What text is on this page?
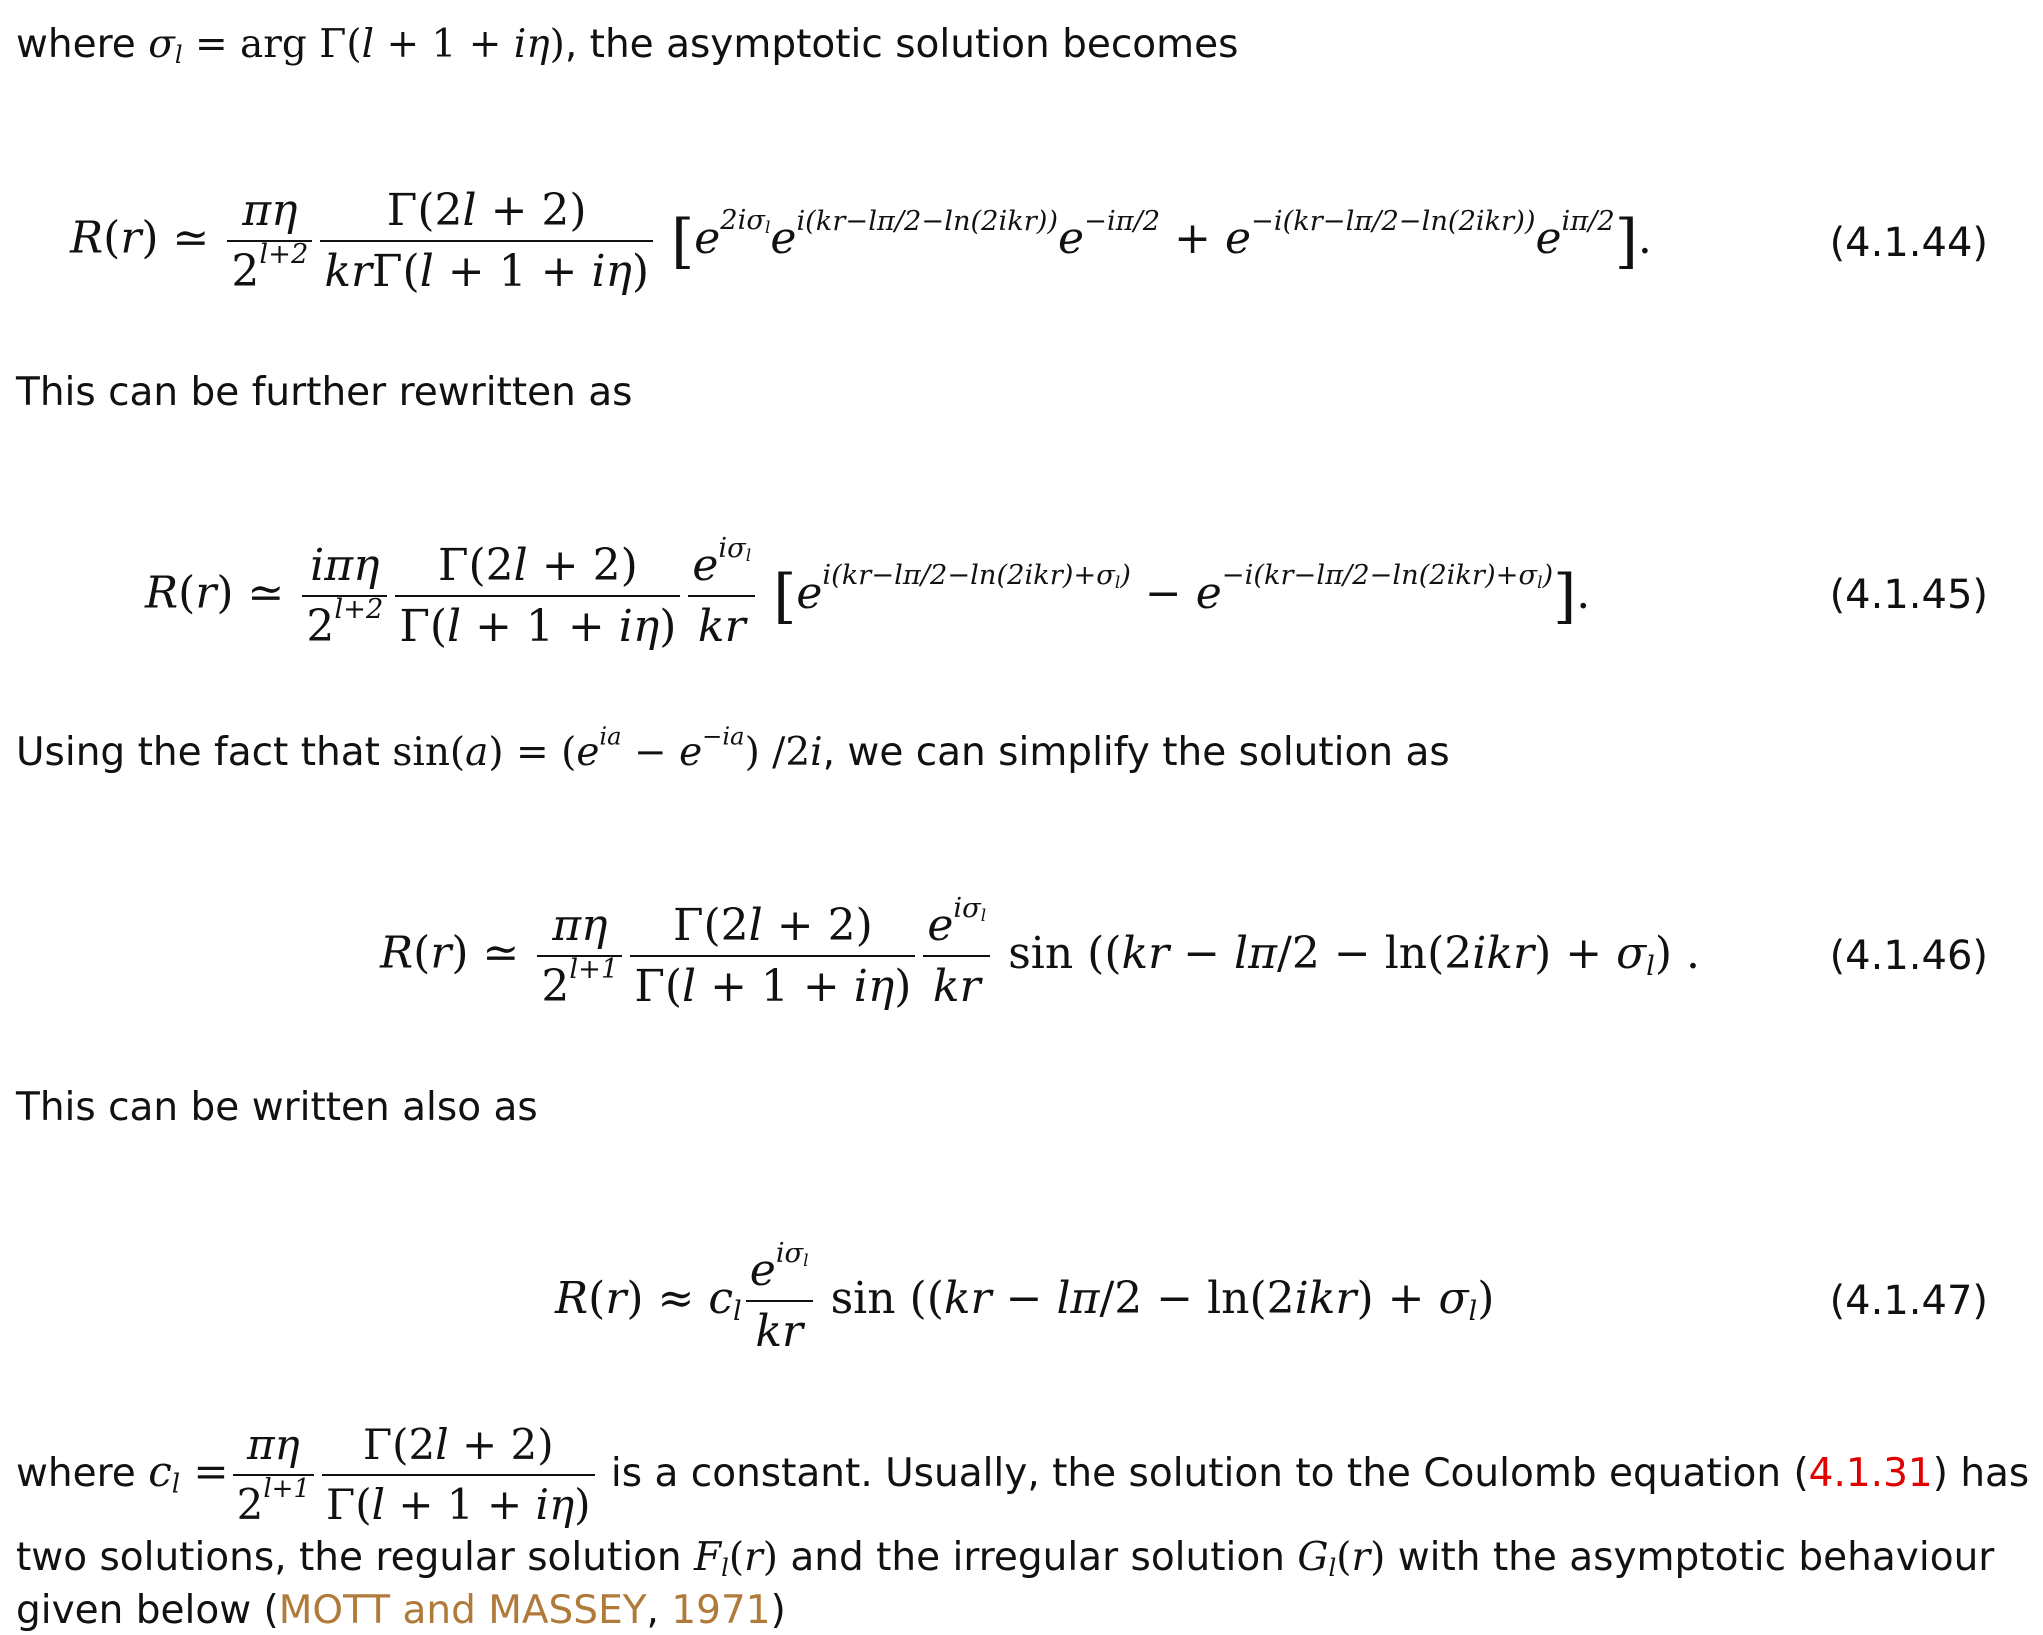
where $\sigma_l$ = arg Γ(l + 1 + iη), the asymptotic solution becomes
R(r) ≃ $\frac{\pi\eta}{2^{l+2}} \frac{\Gamma(2l + 2)}{\text{krΓ(l + 1 + iη)}} [e^{2i\sigma_l}e^{i(kr-l\pi/2-ln(2ikr))}e^{-i\pi/2} + e^{-i(kr-l\pi/2-ln(2ikr))}e^{i\pi/2}]$.	(4.1.44)
This can be further rewritten as
R(r) ≃ $\frac{\text{iπη}}{2^{l+2}} \frac{\Gamma(2l + 2)}{\Gamma(l + 1 + i\eta)} \frac{e^{i\sigma_l}}{kr} [e^{i(kr-l\pi/2-ln(2ikr)+\sigma_l)} - e^{-i(kr-l\pi/2-ln(2ikr)+\sigma_l)}]$.	(4.1.45)
Using the fact that $\sin(a) = (e^{ia} - e^{-ia})$ /2i, we can simplify the solution as
R(r) ≃ $\frac{\pi\eta}{2^{l+1}} \frac{\Gamma(2l + 2)}{\Gamma(l + 1 + i\eta)} \frac{e^{i\sigma_l}}{kr}$ $\sin ((kr - l\pi/2 - \ln(2ikr) + \sigma_l)$ .	(4.1.46)
This can be written also as
$R(r) \approx c_l \frac{e^{i\sigma_l}}{kr}$ $\sin ((kr - l\pi/2 - \ln(2ikr) + \sigma_l)$	(4.1.47)
where $c_l = \frac{\pi\eta}{2^{l+1}} \frac{\Gamma(2l + 2)}{\Gamma(l + 1 + i\eta)}$ is a constant. Usually, the solution to the Coulomb equation (4.1.31) has
two solutions, the regular solution $F_l(r)$ and the irregular solution $G_l(r)$ with the asymptotic behaviour
given below (MOTT and MASSEY, 1971)
